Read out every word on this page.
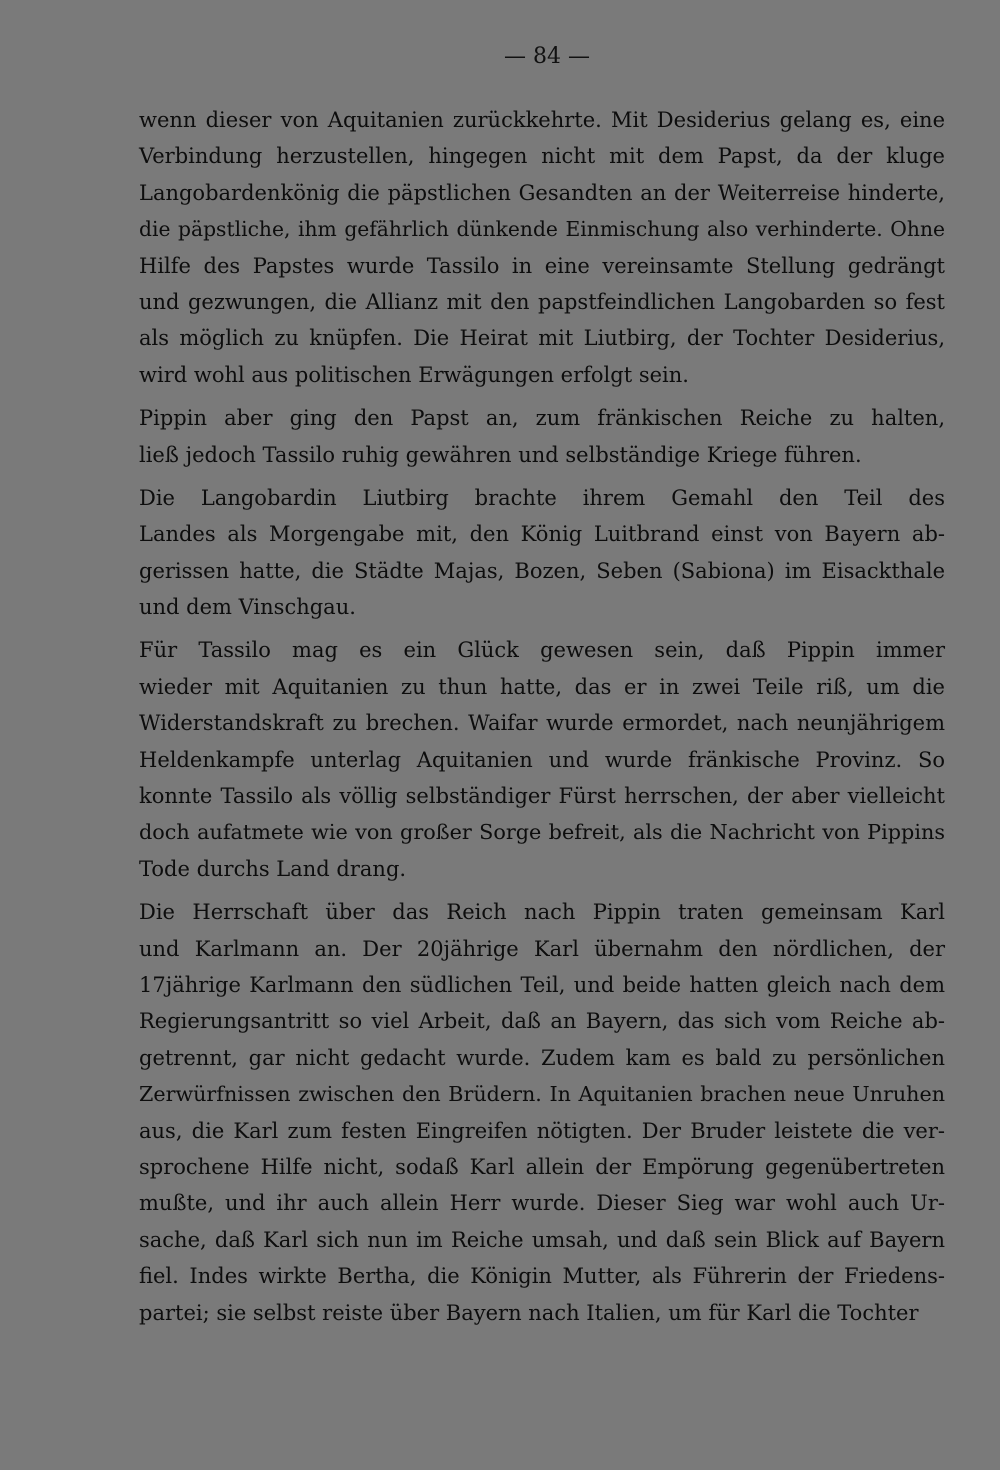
— 84 —
wenn dieser von Aquitanien zurückkehrte. Mit Desiderius gelang es, eine
Verbindung herzustellen, hingegen nicht mit dem Papst, da der kluge
Langobardenkönig die päpstlichen Gesandten an der Weiterreise hinderte,
die päpstliche, ihm gefährlich dünkende Einmischung also verhinderte. Ohne
Hilfe des Papstes wurde Tassilo in eine vereinsamte Stellung gedrängt
und gezwungen, die Allianz mit den papstfeindlichen Langobarden so fest
als möglich zu knüpfen. Die Heirat mit Liutbirg, der Tochter Desiderius,
wird wohl aus politischen Erwägungen erfolgt sein.
Pippin aber ging den Papst an, zum fränkischen Reiche zu halten,
ließ jedoch Tassilo ruhig gewähren und selbständige Kriege führen.
Die Langobardin Liutbirg brachte ihrem Gemahl den Teil des
Landes als Morgengabe mit, den König Luitbrand einst von Bayern ab-
gerissen hatte, die Städte Majas, Bozen, Seben (Sabiona) im Eisackthale
und dem Vinschgau.
Für Tassilo mag es ein Glück gewesen sein, daß Pippin immer
wieder mit Aquitanien zu thun hatte, das er in zwei Teile riß, um die
Widerstandskraft zu brechen. Waifar wurde ermordet, nach neunjährigem
Heldenkampfe unterlag Aquitanien und wurde fränkische Provinz. So
konnte Tassilo als völlig selbständiger Fürst herrschen, der aber vielleicht
doch aufatmete wie von großer Sorge befreit, als die Nachricht von Pippins
Tode durchs Land drang.
Die Herrschaft über das Reich nach Pippin traten gemeinsam Karl
und Karlmann an. Der 20jährige Karl übernahm den nördlichen, der
17jährige Karlmann den südlichen Teil, und beide hatten gleich nach dem
Regierungsantritt so viel Arbeit, daß an Bayern, das sich vom Reiche ab-
getrennt, gar nicht gedacht wurde. Zudem kam es bald zu persönlichen
Zerwürfnissen zwischen den Brüdern. In Aquitanien brachen neue Unruhen
aus, die Karl zum festen Eingreifen nötigten. Der Bruder leistete die ver-
sprochene Hilfe nicht, sodaß Karl allein der Empörung gegenübertreten
mußte, und ihr auch allein Herr wurde. Dieser Sieg war wohl auch Ur-
sache, daß Karl sich nun im Reiche umsah, und daß sein Blick auf Bayern
fiel. Indes wirkte Bertha, die Königin Mutter, als Führerin der Friedens-
partei; sie selbst reiste über Bayern nach Italien, um für Karl die Tochter
